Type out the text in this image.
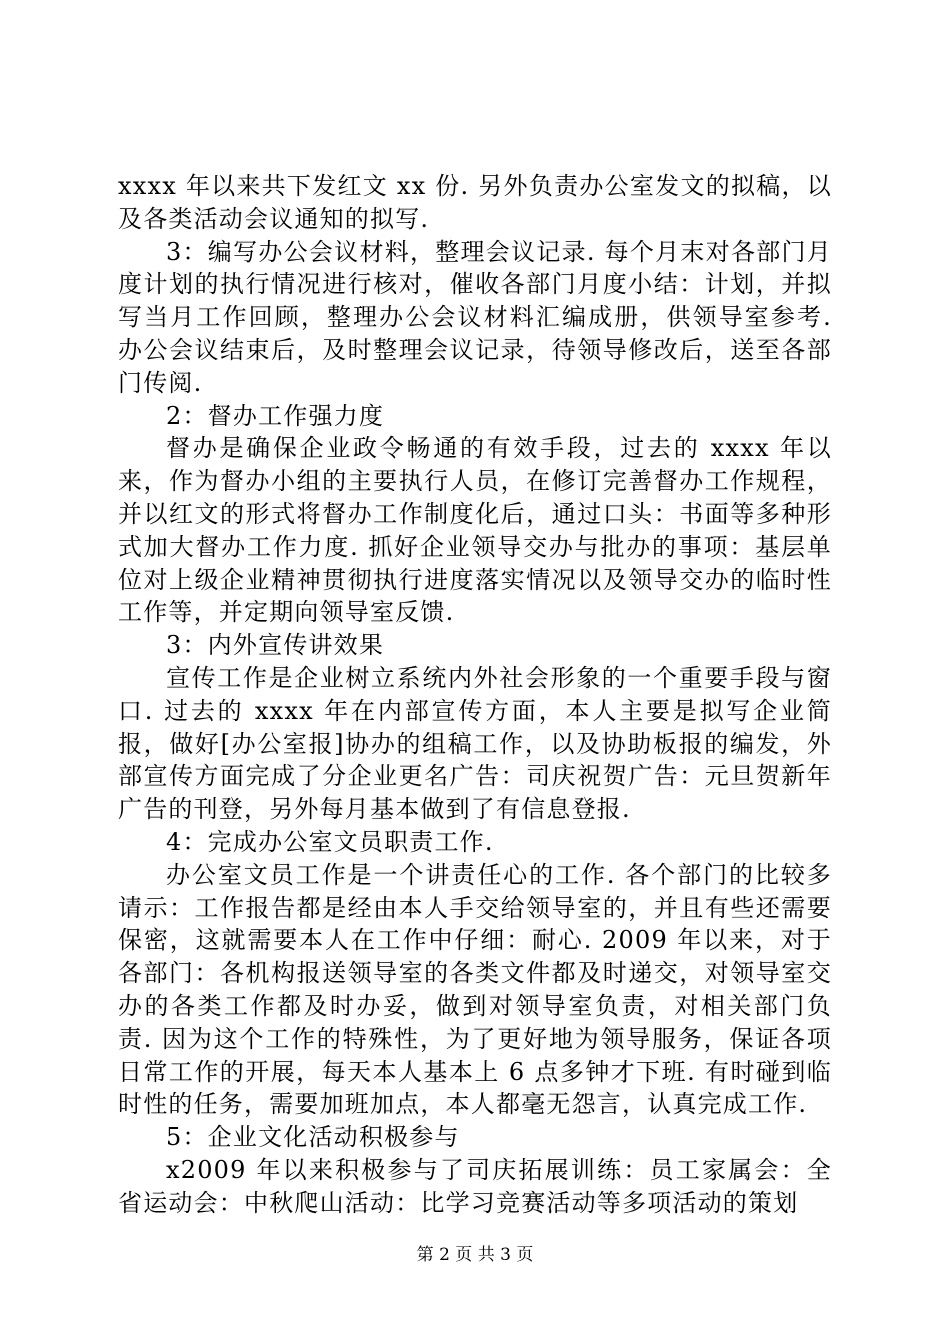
xxxx 年以来共下发红文 xx 份. 另外负责办公室发文的拟稿，以及各类活动会议通知的拟写.

3：编写办公会议材料，整理会议记录. 每个月末对各部门月度计划的执行情况进行核对，催收各部门月度小结：计划，并拟写当月工作回顾，整理办公会议材料汇编成册，供领导室参考. 办公会议结束后，及时整理会议记录，待领导修改后，送至各部门传阅.

2：督办工作强力度

督办是确保企业政令畅通的有效手段，过去的 xxxx 年以来，作为督办小组的主要执行人员，在修订完善督办工作规程，并以红文的形式将督办工作制度化后，通过口头：书面等多种形式加大督办工作力度. 抓好企业领导交办与批办的事项：基层单位对上级企业精神贯彻执行进度落实情况以及领导交办的临时性工作等，并定期向领导室反馈.

3：内外宣传讲效果

宣传工作是企业树立系统内外社会形象的一个重要手段与窗口. 过去的 xxxx 年在内部宣传方面，本人主要是拟写企业简报，做好[办公室报]协办的组稿工作，以及协助板报的编发，外部宣传方面完成了分企业更名广告：司庆祝贺广告：元旦贺新年广告的刊登，另外每月基本做到了有信息登报.

4：完成办公室文员职责工作.

办公室文员工作是一个讲责任心的工作. 各个部门的比较多请示：工作报告都是经由本人手交给领导室的，并且有些还需要保密，这就需要本人在工作中仔细：耐心. 2009 年以来，对于各部门：各机构报送领导室的各类文件都及时递交，对领导室交办的各类工作都及时办妥，做到对领导室负责，对相关部门负责. 因为这个工作的特殊性，为了更好地为领导服务，保证各项日常工作的开展，每天本人基本上 6 点多钟才下班. 有时碰到临时性的任务，需要加班加点，本人都毫无怨言，认真完成工作.

5：企业文化活动积极参与

x2009 年以来积极参与了司庆拓展训练：员工家属会：全省运动会：中秋爬山活动：比学习竞赛活动等多项活动的策划

第 2 页 共 3 页
